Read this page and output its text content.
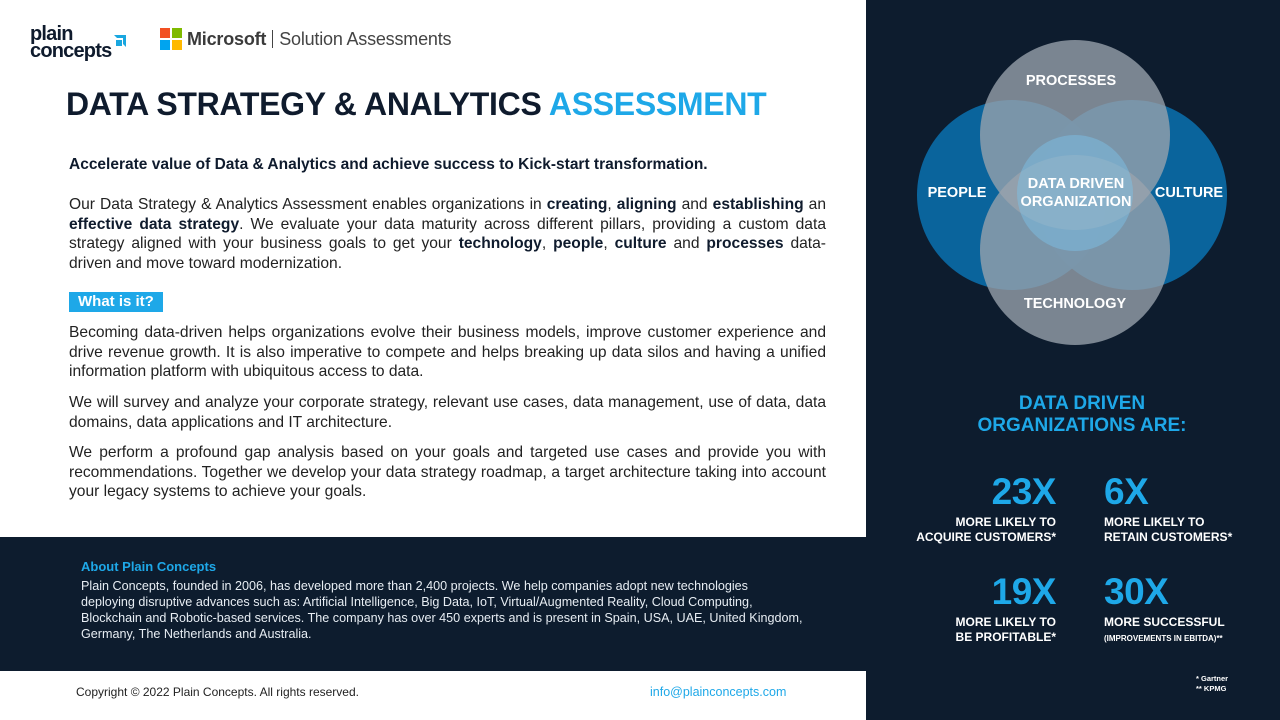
plain
concepts
Microsoft Solution Assessments
DATA STRATEGY & ANALYTICS ASSESSMENT

Accelerate value of Data & Analytics and achieve success to Kick-start transformation.

Our Data Strategy & Analytics Assessment enables organizations in creating, aligning and establishing an effective data strategy. We evaluate your data maturity across different pillars, providing a custom data strategy aligned with your business goals to get your technology, people, culture and processes data-driven and move toward modernization.

What is it?

Becoming data-driven helps organizations evolve their business models, improve customer experience and drive revenue growth. It is also imperative to compete and helps breaking up data silos and having a unified information platform with ubiquitous access to data.

We will survey and analyze your corporate strategy, relevant use cases, data management, use of data, data domains, data applications and IT architecture.

We perform a profound gap analysis based on your goals and targeted use cases and provide you with recommendations. Together we develop your data strategy roadmap, a target architecture taking into account your legacy systems to achieve your goals.

About Plain Concepts

Plain Concepts, founded in 2006, has developed more than 2,400 projects. We help companies adopt new technologies deploying disruptive advances such as: Artificial Intelligence, Big Data, IoT, Virtual/Augmented Reality, Cloud Computing, Blockchain and Robotic-based services. The company has over 450 experts and is present in Spain, USA, UAE, United Kingdom, Germany, The Netherlands and Australia.

Copyright © 2022 Plain Concepts. All rights reserved.	info@plainconcepts.com
PROCESSES
PEOPLE	CULTURE
TECHNOLOGY
DATA DRIVEN
ORGANIZATION
DATA DRIVEN
ORGANIZATIONS ARE:
23X
MORE LIKELY TO
ACQUIRE CUSTOMERS*
6X
MORE LIKELY TO
RETAIN CUSTOMERS*
19X
MORE LIKELY TO
BE PROFITABLE*
30X
MORE SUCCESSFUL
(IMPROVEMENTS IN EBITDA)**
* Gartner
** KPMG
